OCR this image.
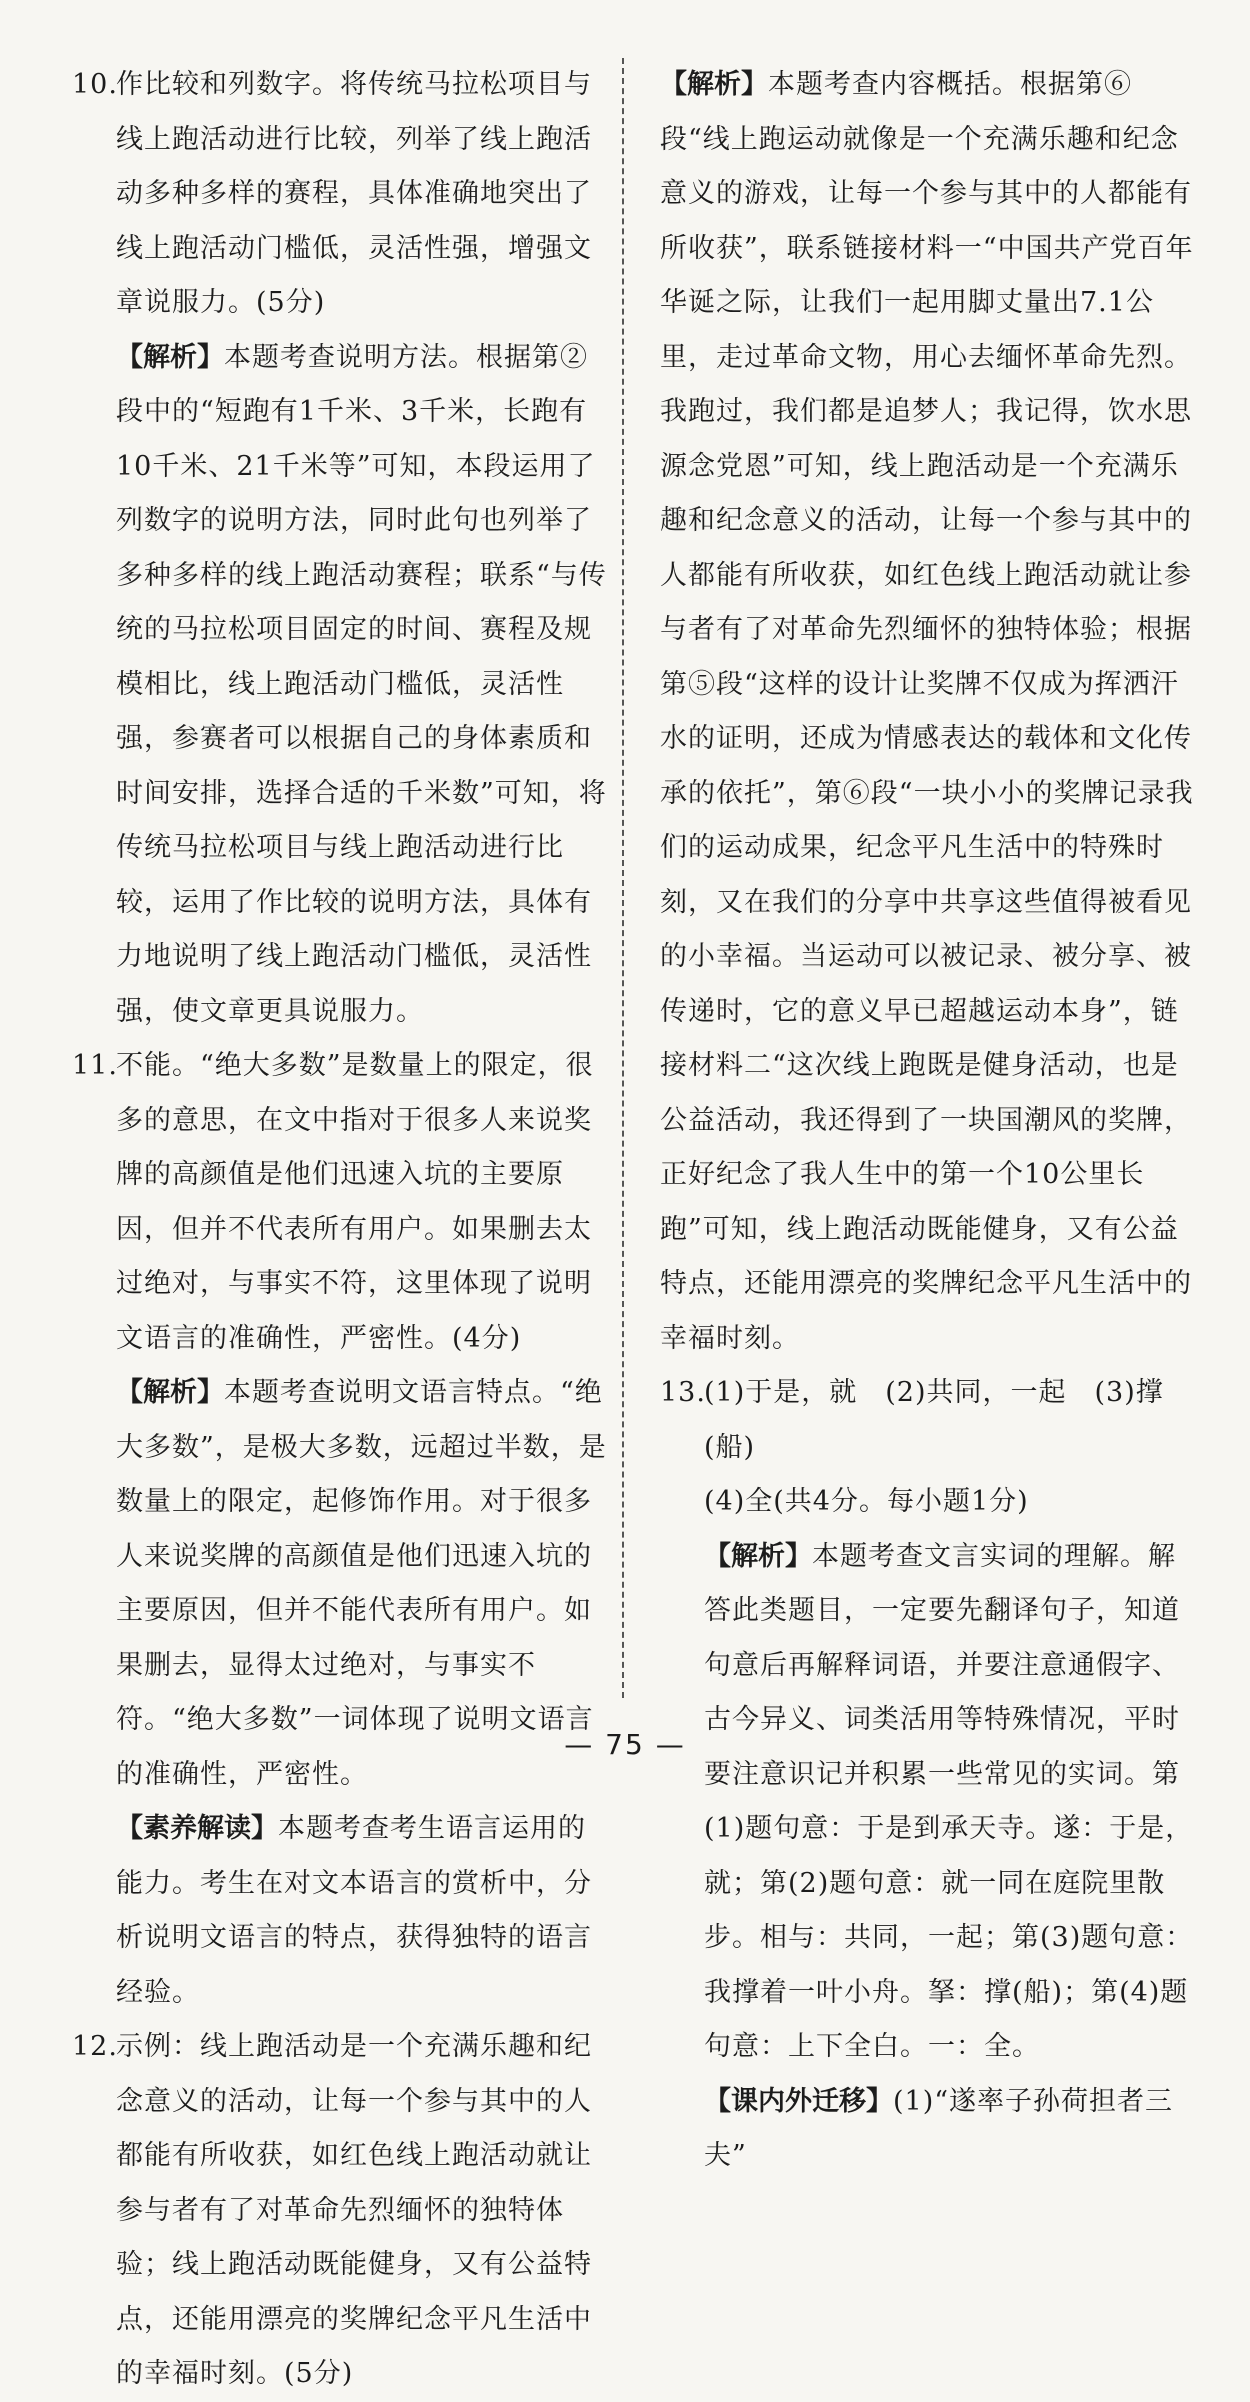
10.
作比较和列数字。将传统马拉松项目与线上跑活动进行比较，列举了线上跑活动多种多样的赛程，具体准确地突出了线上跑活动门槛低，灵活性强，增强文章说服力。(5分)

【解析】本题考查说明方法。根据第②段中的“短跑有1千米、3千米，长跑有10千米、21千米等”可知，本段运用了列数字的说明方法，同时此句也列举了多种多样的线上跑活动赛程；联系“与传统的马拉松项目固定的时间、赛程及规模相比，线上跑活动门槛低，灵活性强，参赛者可以根据自己的身体素质和时间安排，选择合适的千米数”可知，将传统马拉松项目与线上跑活动进行比较，运用了作比较的说明方法，具体有力地说明了线上跑活动门槛低，灵活性强，使文章更具说服力。

11.
不能。“绝大多数”是数量上的限定，很多的意思，在文中指对于很多人来说奖牌的高颜值是他们迅速入坑的主要原因，但并不代表所有用户。如果删去太过绝对，与事实不符，这里体现了说明文语言的准确性，严密性。(4分)

【解析】本题考查说明文语言特点。“绝大多数”，是极大多数，远超过半数，是数量上的限定，起修饰作用。对于很多人来说奖牌的高颜值是他们迅速入坑的主要原因，但并不能代表所有用户。如果删去，显得太过绝对，与事实不符。“绝大多数”一词体现了说明文语言的准确性，严密性。

【素养解读】本题考查考生语言运用的能力。考生在对文本语言的赏析中，分析说明文语言的特点，获得独特的语言经验。

12.
示例：线上跑活动是一个充满乐趣和纪念意义的活动，让每一个参与其中的人都能有所收获，如红色线上跑活动就让参与者有了对革命先烈缅怀的独特体验；线上跑活动既能健身，又有公益特点，还能用漂亮的奖牌纪念平凡生活中的幸福时刻。(5分)

【解析】本题考查内容概括。根据第⑥段“线上跑运动就像是一个充满乐趣和纪念意义的游戏，让每一个参与其中的人都能有所收获”，联系链接材料一“中国共产党百年华诞之际，让我们一起用脚丈量出7.1公里，走过革命文物，用心去缅怀革命先烈。我跑过，我们都是追梦人；我记得，饮水思源念党恩”可知，线上跑活动是一个充满乐趣和纪念意义的活动，让每一个参与其中的人都能有所收获，如红色线上跑活动就让参与者有了对革命先烈缅怀的独特体验；根据第⑤段“这样的设计让奖牌不仅成为挥洒汗水的证明，还成为情感表达的载体和文化传承的依托”，第⑥段“一块小小的奖牌记录我们的运动成果，纪念平凡生活中的特殊时刻，又在我们的分享中共享这些值得被看见的小幸福。当运动可以被记录、被分享、被传递时，它的意义早已超越运动本身”，链接材料二“这次线上跑既是健身活动，也是公益活动，我还得到了一块国潮风的奖牌，正好纪念了我人生中的第一个10公里长跑”可知，线上跑活动既能健身，又有公益特点，还能用漂亮的奖牌纪念平凡生活中的幸福时刻。

13.
(1)于是，就　(2)共同，一起　(3)撑(船)
(4)全(共4分。每小题1分)

【解析】本题考查文言实词的理解。解答此类题目，一定要先翻译句子，知道句意后再解释词语，并要注意通假字、古今异义、词类活用等特殊情况，平时要注意识记并积累一些常见的实词。第(1)题句意：于是到承天寺。遂：于是，就；第(2)题句意：就一同在庭院里散步。相与：共同，一起；第(3)题句意：我撑着一叶小舟。拏：撑(船)；第(4)题句意：上下全白。一：全。

【课内外迁移】(1)“遂率子孙荷担者三夫”

— 75 —
